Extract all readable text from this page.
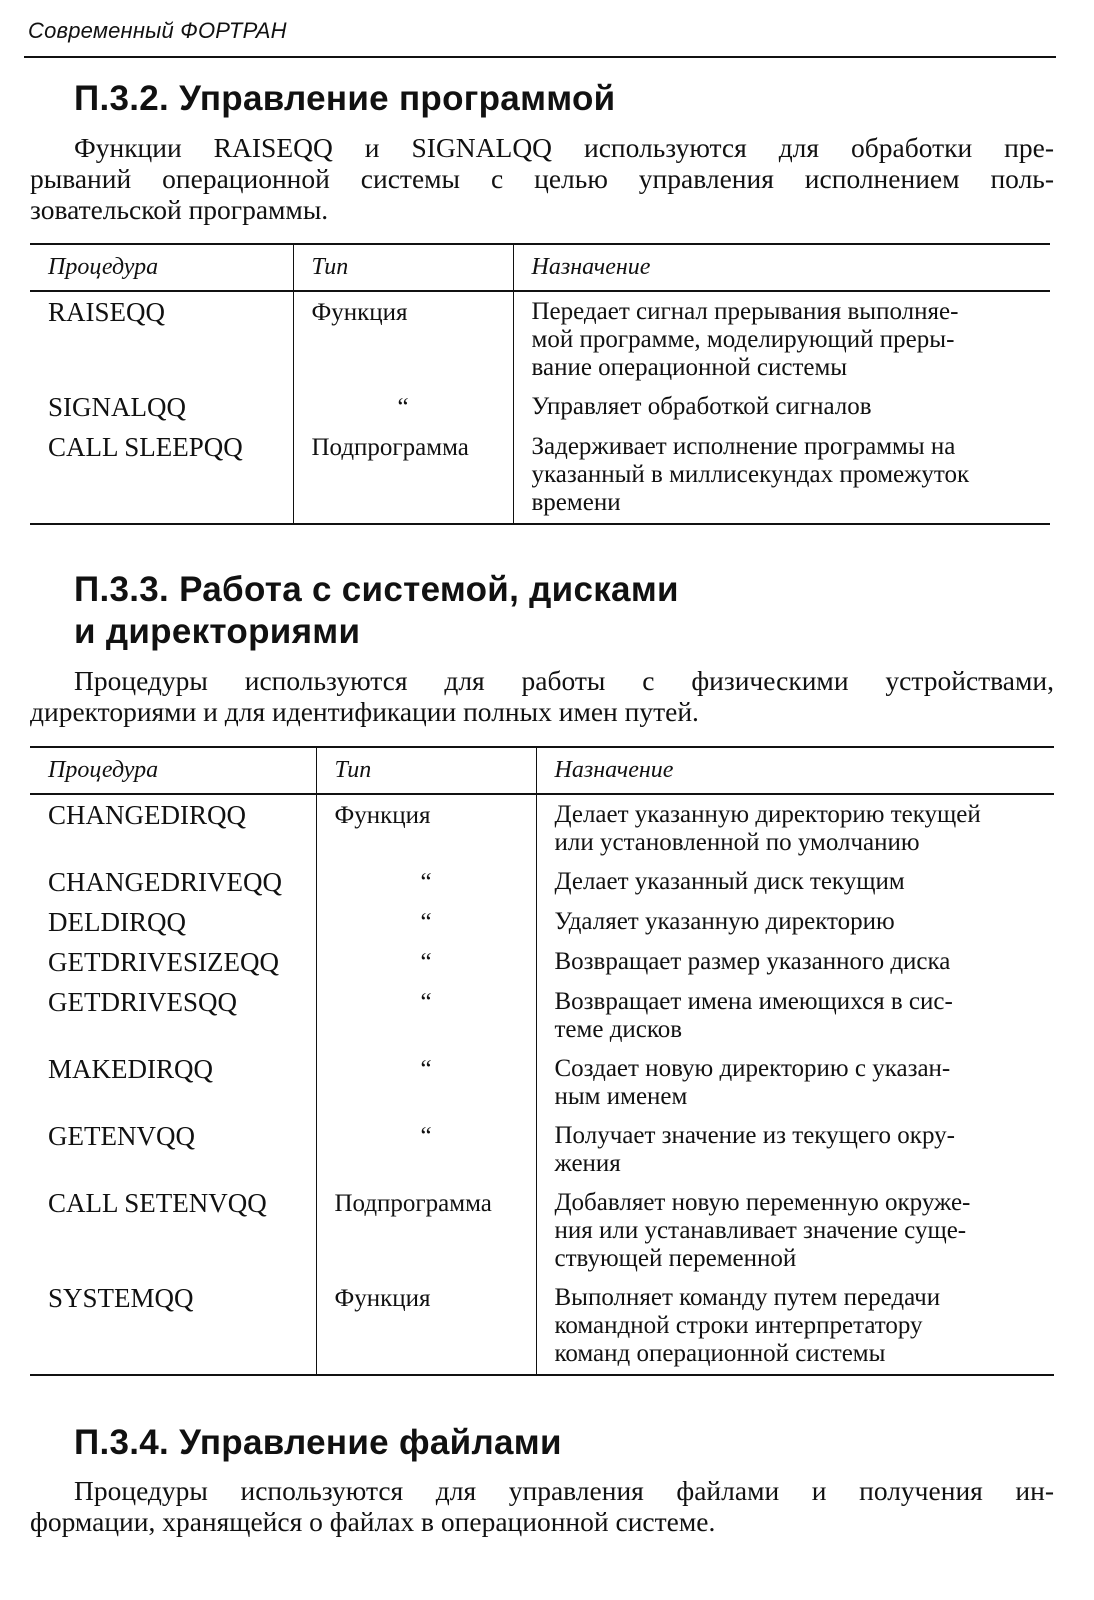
Современный ФОРТРАН
П.3.2. Управление программой
Функции RAISEQQ и SIGNALQQ используются для обработки пре-
рываний операционной системы с целью управления исполнением поль-
зовательской программы.
Процедура	Тип	Назначение
RAISEQQ	Функция	Передает сигнал прерывания выполняе-
мой программе, моделирующий преры-
вание операционной системы

SIGNALQQ	“	Управляет обработкой сигналов

CALL SLEEPQQ	Подпрограмма	Задерживает исполнение программы на
указанный в миллисекундах промежуток
времени
П.3.3. Работа с системой, дисками
и директориями
Процедуры используются для работы с физическими устройствами,
директориями и для идентификации полных имен путей.
Процедура	Тип	Назначение
CHANGEDIRQQ	Функция	Делает указанную директорию текущей
или установленной по умолчанию

CHANGEDRIVEQQ	“	Делает указанный диск текущим

DELDIRQQ	“	Удаляет указанную директорию

GETDRIVESIZEQQ	“	Возвращает размер указанного диска

GETDRIVESQQ	“	Возвращает имена имеющихся в сис-
теме дисков

MAKEDIRQQ	“	Создает новую директорию с указан-
ным именем

GETENVQQ	“	Получает значение из текущего окру-
жения

CALL SETENVQQ	Подпрограмма	Добавляет новую переменную окруже-
ния или устанавливает значение суще-
ствующей переменной

SYSTEMQQ	Функция	Выполняет команду путем передачи
командной строки интерпретатору
команд операционной системы
П.3.4. Управление файлами
Процедуры используются для управления файлами и получения ин-
формации, хранящейся о файлах в операционной системе.
